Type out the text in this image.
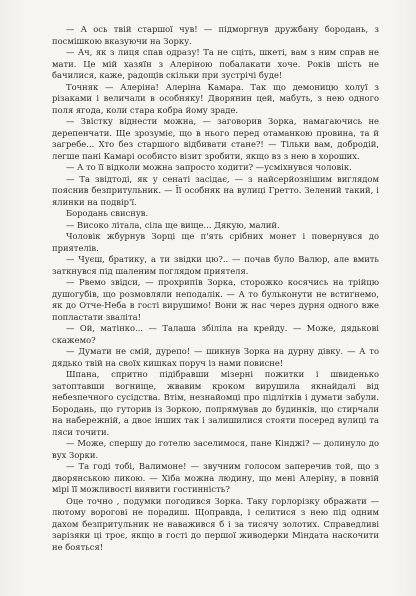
— А ось твій старшої чув! — підморгнув дружбану бородань, з посмішкою вказуючи на Зорку.

— Ач, як з лиця спав одразу! Та не сціть, шкеті, вам з ним справ не мати. Це мій хазяїн з Алеріною побалакати хоче. Років шість не бачилися, каже, радощів скільки при зустрічі буде!

Точняк — Алеріна! Алеріна Камара. Так що демоницю холуї з різаками і величали в особняку! Дворянин цей, мабуть, з нею одного поля ягода, коли стара кобра йому зраде.

— Звістку віднести можна, — заговорив Зорка, намагаючись не дерепенчати. Ще зрозуміє, що в нього перед отаманкою провина, та й загребе... Хто без старшого відбивати стане?! — Тільки вам, добродій, легше пані Камарі особисто візит зробити, якщо вз з нею в хороших.

— А то її відколи можна запросто ходити? —усміхнувся чоловік.

— Та звідтоді, як у сенаті засідає, — з найсерйознішим виглядом пояснив безпритульник. — Її особняк на вулиці Гретто. Зелений такий, і ялинки на подвір'ї.

Бородань свиснув.

— Високо літала, сіла ще вище... Дякую, малий.

Чоловік жбурнув Зорці ще п'ять срібних монет і повернувся до приятелів.

— Чуєш, братику, а ти звідки цю?.. — почав було Валюр, але вмить заткнувся під шаленим поглядом приятеля.

— Рвемо звідси, — прохрипів Зорка, сторожко косячись на трійцю душогубів, що розмовляли неподалік. — А то бульконути не встигнемо, як до Отче-Неба в гості вирушимо! Вони ж нас через дурня одного вже попластати зваліта!

— Ой, матінко... — Талаша збіліла на крейду. — Може, дядькові скажемо?

— Думати не смій, дурепо! — шикнув Зорка на дурну дівку. — А то дядько твій на своїх кишках поруч із нами повисне!

Шпана, спритно підібравши мізерні пожитки і швиденько затоптавши вогнище, жвавим кроком вирушила якнайдалі від небезпечного сусідства. Втім, незнайомці про підлітків і думати забули. Бородань, що гуторив із Зоркою, попрямував до будинків, що стирчали на набережній, а двоє інших так і залишилися стояти посеред вулиці та ляси точити.

— Може, спершу до готелю заселимося, пане Кінджі? — долинуло до вух Зорки.

— Та годі тобі, Валимоне! — звучним голосом заперечив той, що з дворянською пикою. — Хіба можна людину, що мені Алеріну, в повній мірі її можливості виявити гостинність?

Оце точно , подумки погодився Зорка. Таку горлорізку ображати — лютому ворогові не порадиш. Щоправда, і селитися з нею під одним дахом безпритульник не наважився б і за тисячу золотих. Справедливі зарізяки ці троє, якщо в гості до першої живодерки Міндата наскочити не бояться!
